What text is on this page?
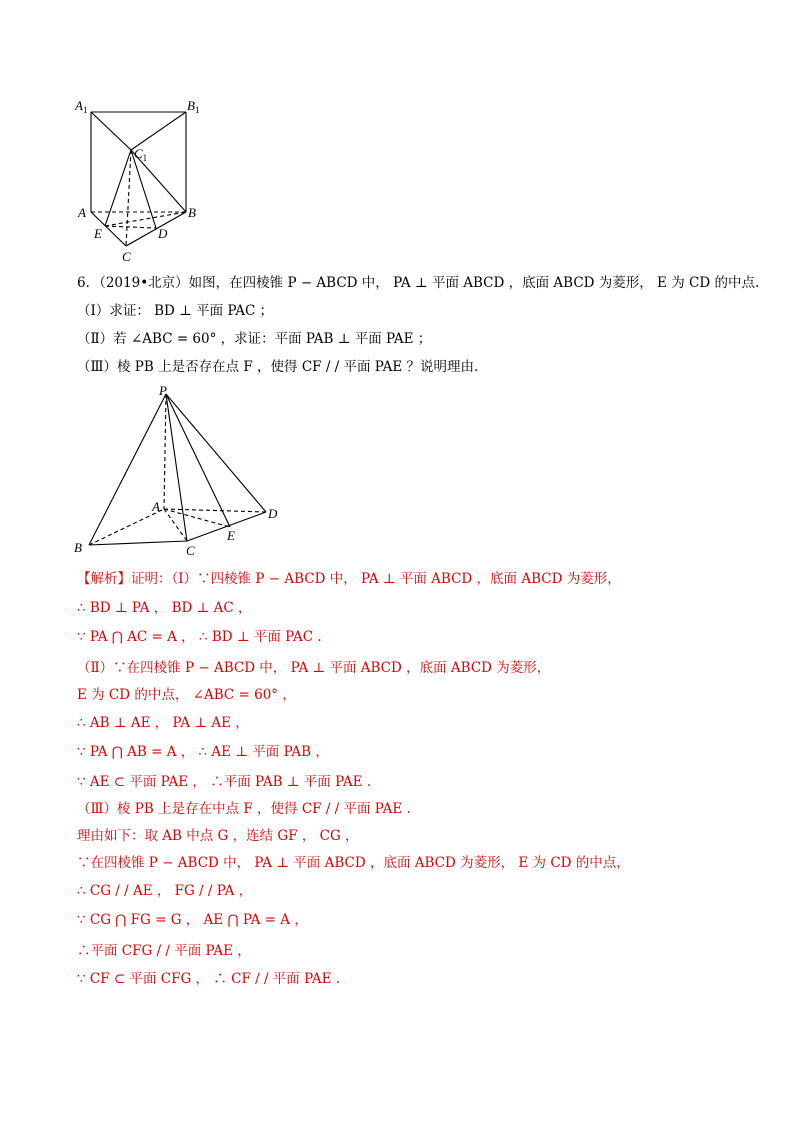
$A_1$	$B_1$
$C_1$
A	B
C
D
E
6．（2019•北京）如图，在四棱锥 P − ABCD 中， PA ⊥ 平面 ABCD ，底面 ABCD 为菱形， E 为 CD 的中点.
（Ⅰ）求证： BD ⊥ 平面 PAC ；
（Ⅱ）若 ∠ABC = 60° ，求证：平面 PAB ⊥ 平面 PAE ；
（Ⅲ）棱 PB 上是否存在点 F ，使得 CF / / 平面 PAE ？说明理由.
P
A
B	C
D
E
【解析】证明：（Ⅰ）∵四棱锥 P − ABCD 中， PA ⊥ 平面 ABCD ，底面 ABCD 为菱形，
∴ BD ⊥ PA ， BD ⊥ AC ，
∵ PA ⋂ AC = A ， ∴ BD ⊥ 平面 PAC .
（Ⅱ）∵在四棱锥 P − ABCD 中， PA ⊥ 平面 ABCD ，底面 ABCD 为菱形，
E 为 CD 的中点， ∠ABC = 60° ，
∴ AB ⊥ AE ， PA ⊥ AE ，
∵ PA ⋂ AB = A ， ∴ AE ⊥ 平面 PAB ，
∵ AE ⊂ 平面 PAE ， ∴平面 PAB ⊥ 平面 PAE .
（Ⅲ）棱 PB 上是存在中点 F ，使得 CF / / 平面 PAE .
理由如下：取 AB 中点 G ，连结 GF ， CG ，
∵在四棱锥 P − ABCD 中， PA ⊥ 平面 ABCD ，底面 ABCD 为菱形， E 为 CD 的中点，
∴ CG / / AE ， FG / / PA ，
∵ CG ⋂ FG = G ， AE ⋂ PA = A ，
∴平面 CFG / / 平面 PAE ，
∵ CF ⊂ 平面 CFG ， ∴ CF / / 平面 PAE .
